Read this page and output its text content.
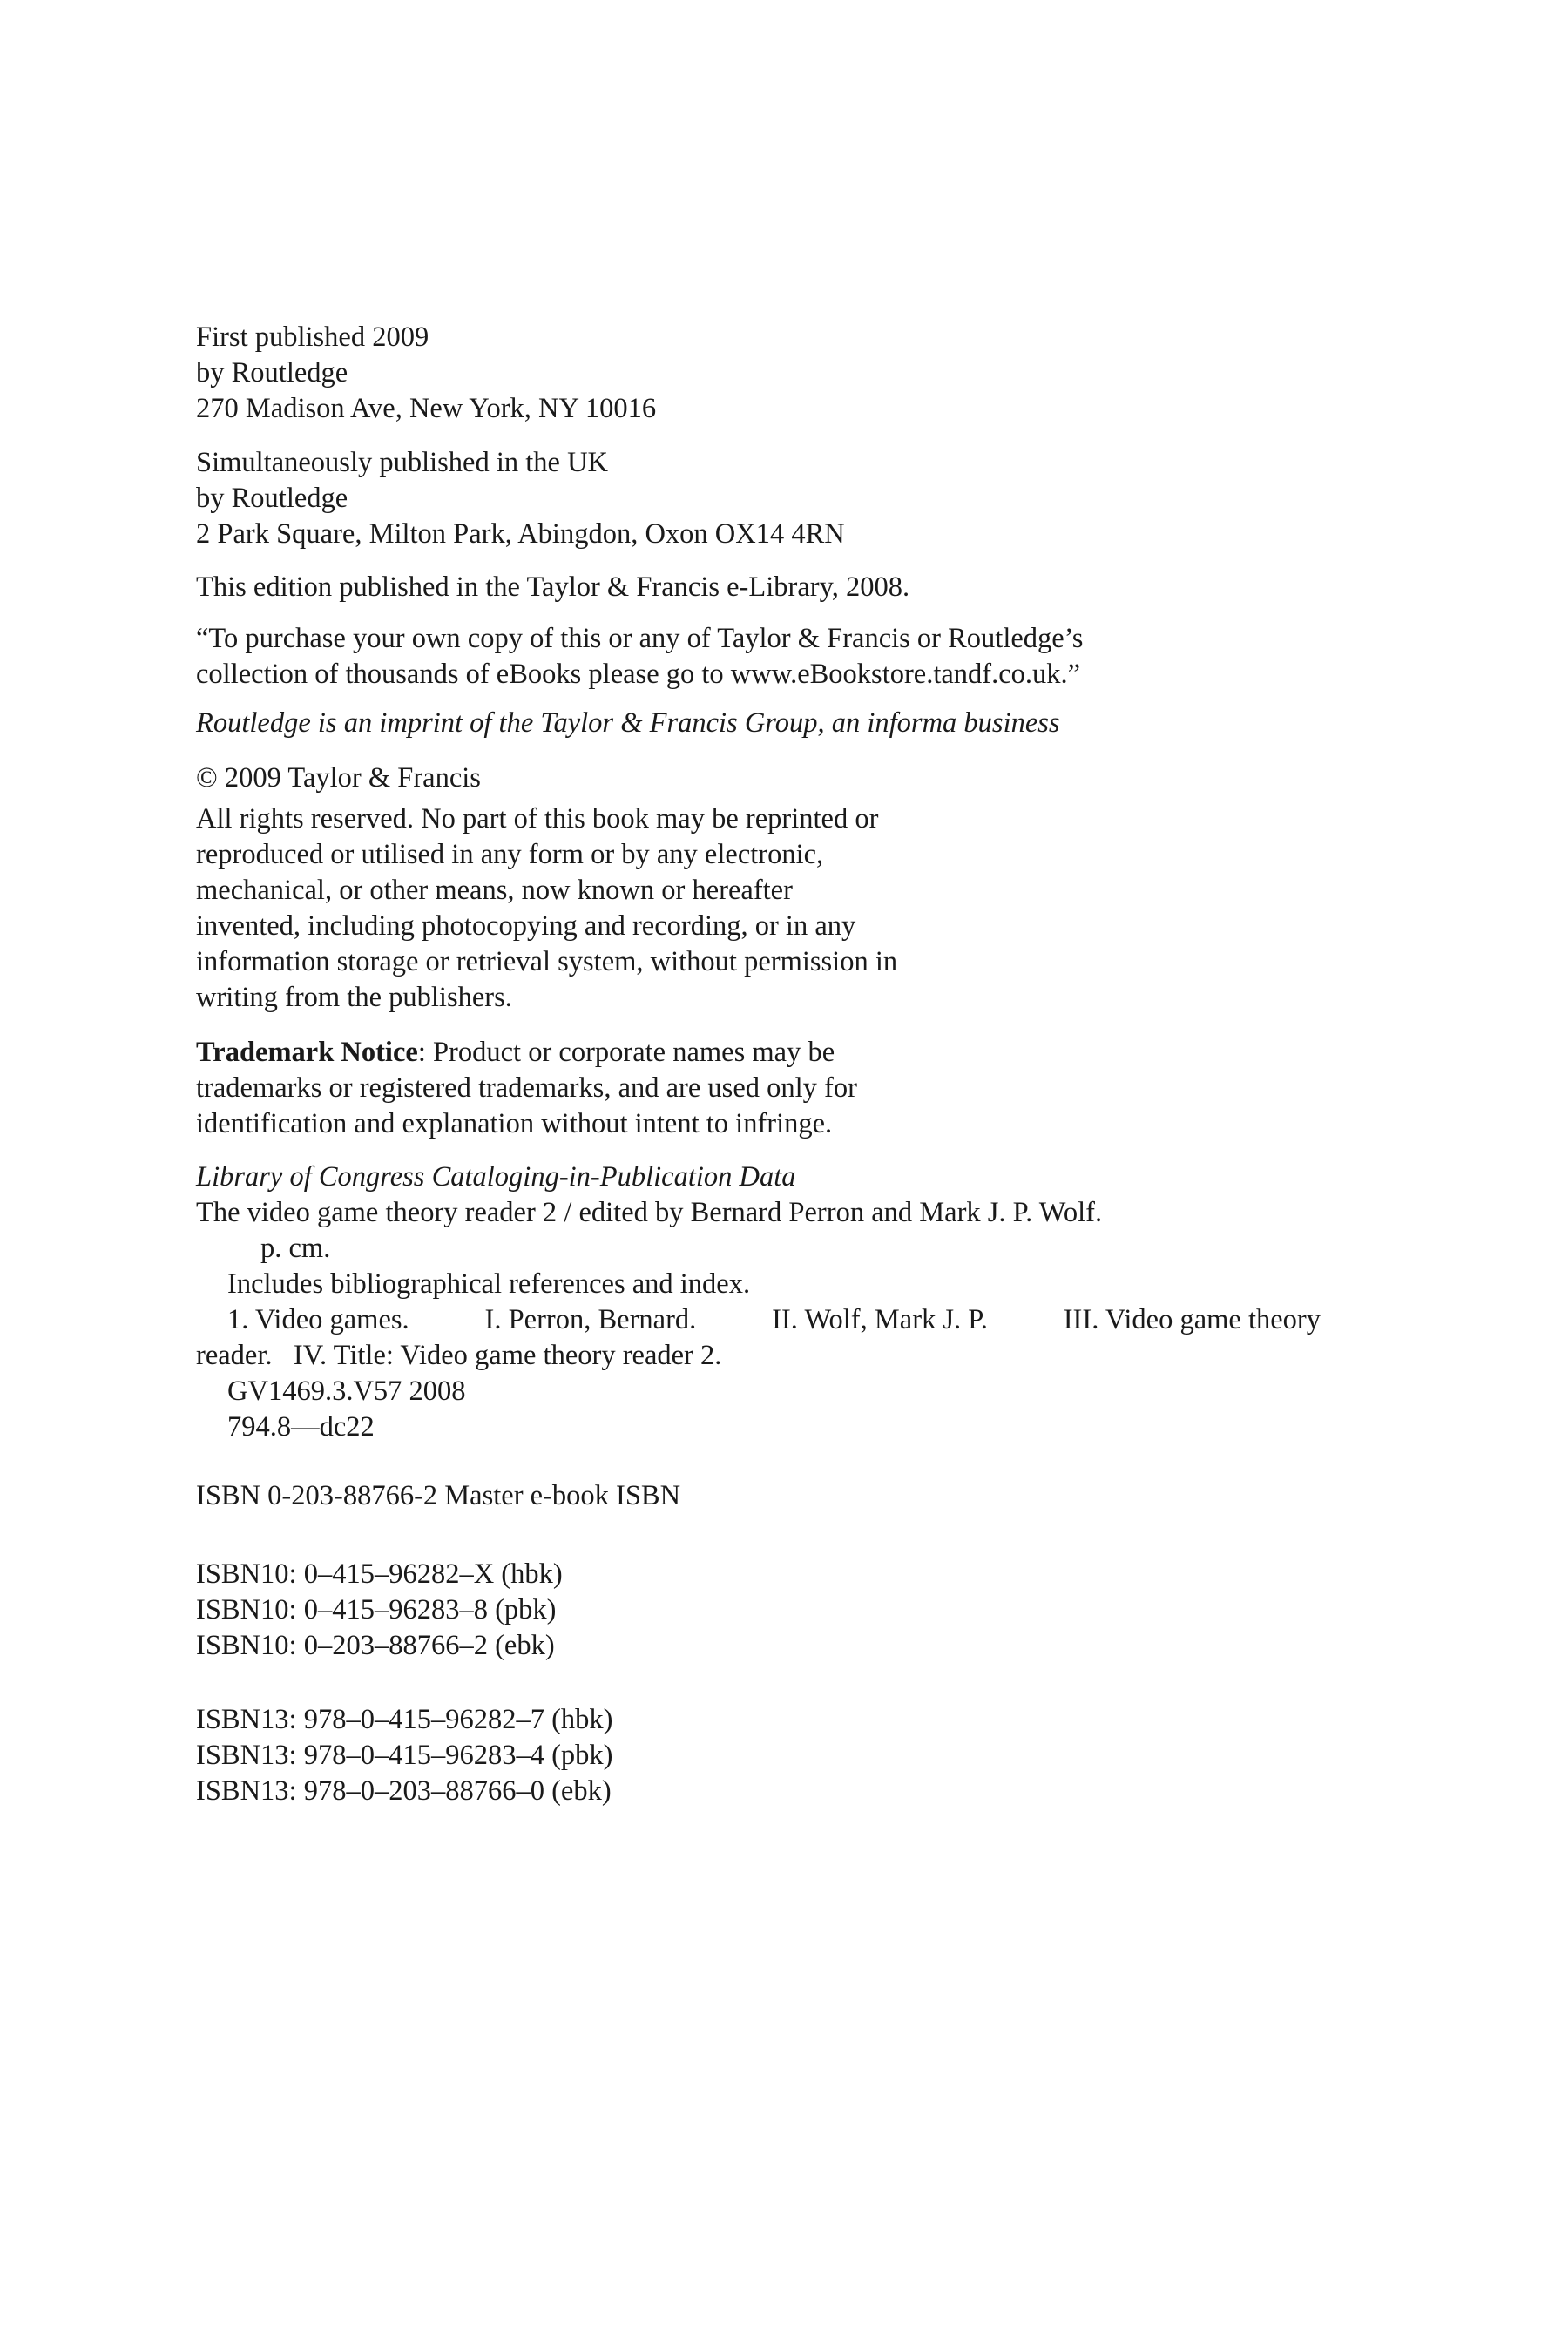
First published 2009
by Routledge
270 Madison Ave, New York, NY 10016
Simultaneously published in the UK
by Routledge
2 Park Square, Milton Park, Abingdon, Oxon OX14 4RN
This edition published in the Taylor & Francis e-Library, 2008.
“To purchase your own copy of this or any of Taylor & Francis or Routledge’s
collection of thousands of eBooks please go to www.eBookstore.tandf.co.uk.”
Routledge is an imprint of the Taylor & Francis Group, an informa business
© 2009 Taylor & Francis
All rights reserved. No part of this book may be reprinted or
reproduced or utilised in any form or by any electronic,
mechanical, or other means, now known or hereafter
invented, including photocopying and recording, or in any
information storage or retrieval system, without permission in
writing from the publishers.
Trademark Notice: Product or corporate names may be
trademarks or registered trademarks, and are used only for
identification and explanation without intent to infringe.
Library of Congress Cataloging-in-Publication Data
The video game theory reader 2 / edited by Bernard Perron and Mark J. P. Wolf.
p. cm.
Includes bibliographical references and index.
1. Video games.	I. Perron, Bernard.	II. Wolf, Mark J. P.	III. Video game theory
reader.   IV. Title: Video game theory reader 2.
GV1469.3.V57 2008
794.8—dc22
ISBN 0-203-88766-2 Master e-book ISBN
ISBN10: 0–415–96282–X (hbk)
ISBN10: 0–415–96283–8 (pbk)
ISBN10: 0–203–88766–2 (ebk)
ISBN13: 978–0–415–96282–7 (hbk)
ISBN13: 978–0–415–96283–4 (pbk)
ISBN13: 978–0–203–88766–0 (ebk)
